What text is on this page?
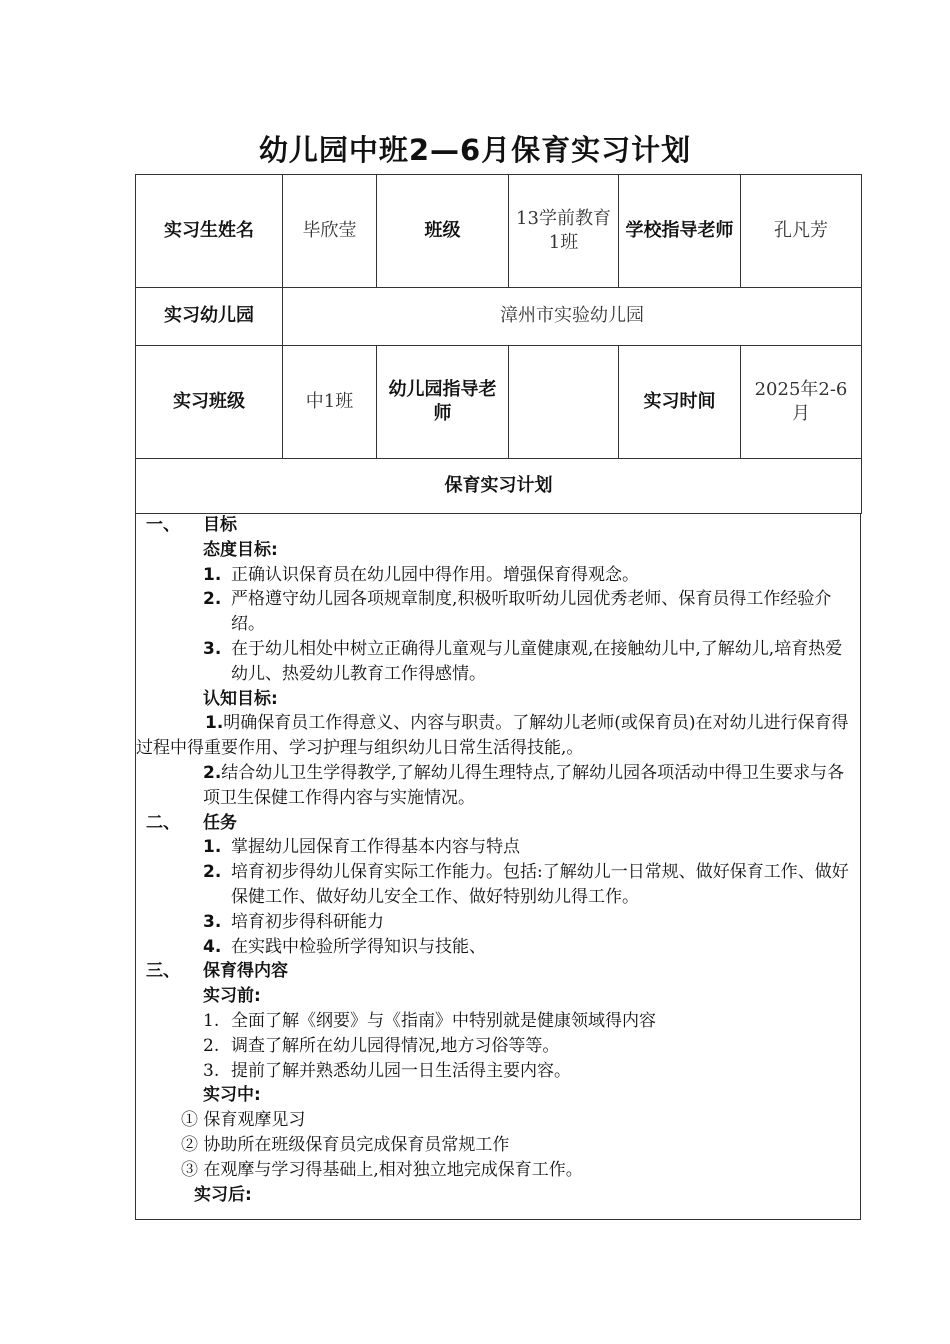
幼儿园中班2—6月保育实习计划
实习生姓名	毕欣莹	班级	13学前教育1班	学校指导老师	孔凡芳
实习幼儿园	漳州市实验幼儿园				
实习班级	中1班	幼儿园指导老师		实习时间	2025年2-6月
保育实习计划					
一、 目标
态度目标:
1. 正确认识保育员在幼儿园中得作用。增强保育得观念。
2. 严格遵守幼儿园各项规章制度,积极听取听幼儿园优秀老师、保育员得工作经验介绍。
3. 在于幼儿相处中树立正确得儿童观与儿童健康观,在接触幼儿中,了解幼儿,培育热爱幼儿、热爱幼儿教育工作得感情。
认知目标:
1.明确保育员工作得意义、内容与职责。了解幼儿老师(或保育员)在对幼儿进行保育得过程中得重要作用、学习护理与组织幼儿日常生活得技能,。
2.结合幼儿卫生学得教学,了解幼儿得生理特点,了解幼儿园各项活动中得卫生要求与各项卫生保健工作得内容与实施情况。
二、 任务
1. 掌握幼儿园保育工作得基本内容与特点
2. 培育初步得幼儿保育实际工作能力。包括:了解幼儿一日常规、做好保育工作、做好保健工作、做好幼儿安全工作、做好特别幼儿得工作。
3. 培育初步得科研能力
4. 在实践中检验所学得知识与技能、
三、 保育得内容
实习前:
1. 全面了解《纲要》与《指南》中特别就是健康领域得内容
2. 调查了解所在幼儿园得情况,地方习俗等等。
3. 提前了解并熟悉幼儿园一日生活得主要内容。
实习中:
① 保育观摩见习
② 协助所在班级保育员完成保育员常规工作
③ 在观摩与学习得基础上,相对独立地完成保育工作。
实习后:
